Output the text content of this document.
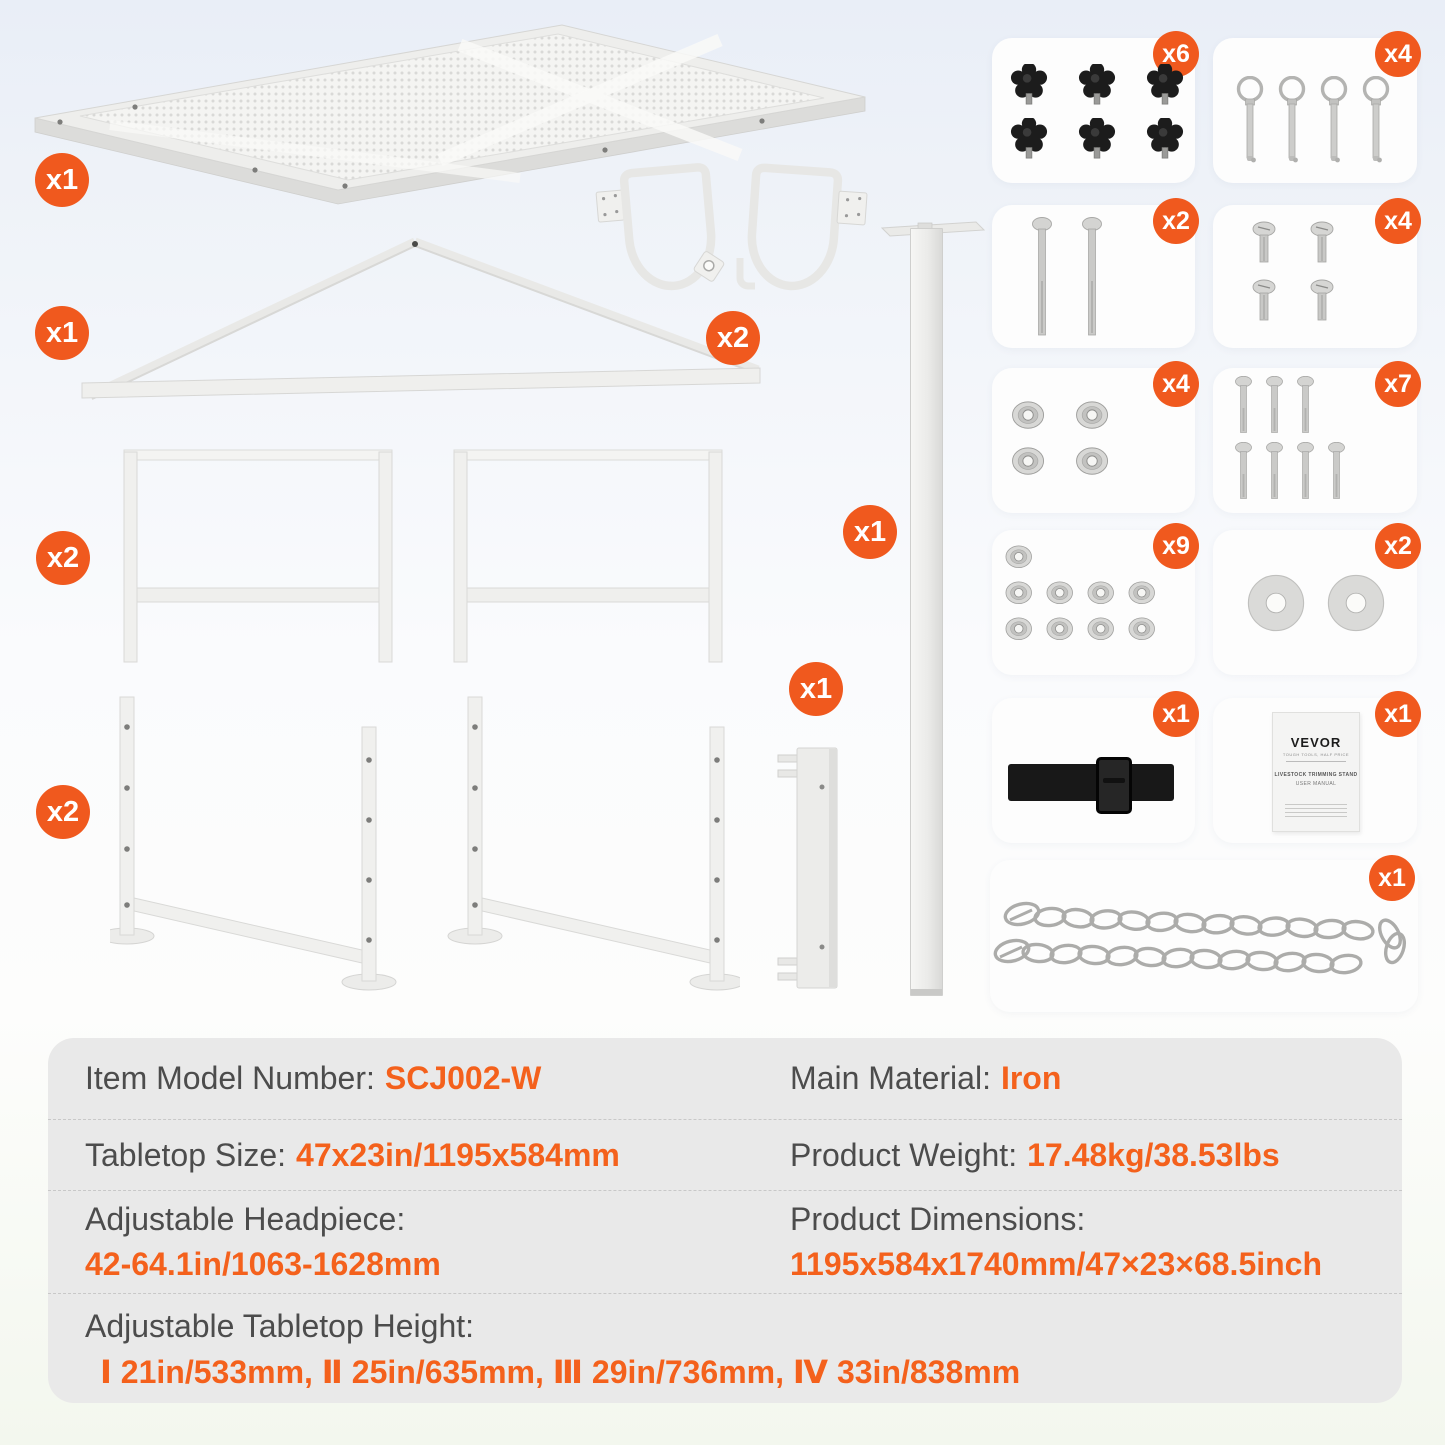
x1
x1	x2
x1
x2
x2
x1
x6	x4
x2	x4
x4	x7
x9	x2
x1	x1
VEVOR
TOUGH TOOLS, HALF PRICE
LIVESTOCK TRIMMING STAND
USER MANUAL
x1
Item Model Number: SCJ002-W	Main Material: Iron
Tabletop Size: 47x23in/1195x584mm	Product Weight: 17.48kg/38.53lbs
Adjustable Headpiece:
42-64.1in/1063-1628mm
Product Dimensions:
1195x584x1740mm/47×23×68.5inch
Adjustable Tabletop Height:
Ⅰ 21in/533mm, Ⅱ 25in/635mm, Ⅲ 29in/736mm, Ⅳ 33in/838mm
